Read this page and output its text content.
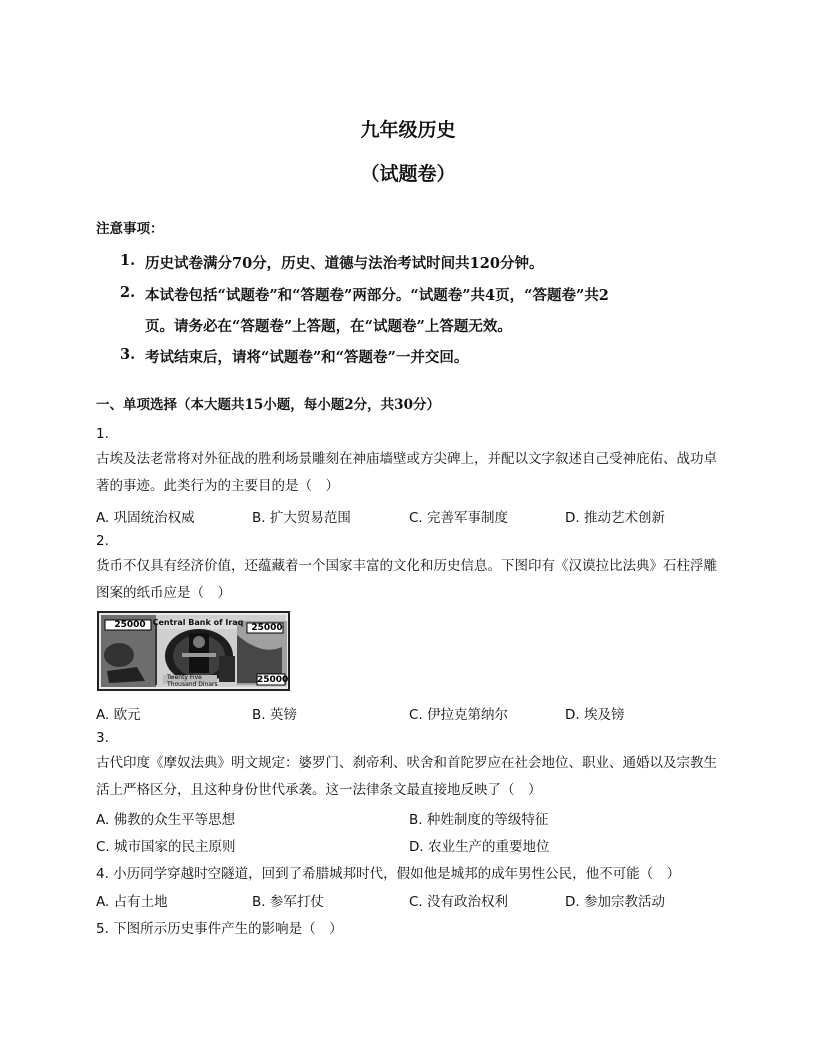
九年级历史
（试题卷）
注意事项：
1. 历史试卷满分70分，历史、道德与法治考试时间共120分钟。
2. 本试卷包括“试题卷”和“答题卷”两部分。“试题卷”共4页，“答题卷”共2
页。请务必在“答题卷”上答题，在“试题卷”上答题无效。
3. 考试结束后，请将“试题卷”和“答题卷”一并交回。
一、单项选择（本大题共15小题，每小题2分，共30分）
1.
古埃及法老常将对外征战的胜利场景雕刻在神庙墙壁或方尖碑上，并配以文字叙述自己受神庇佑、战功卓著的事迹。此类行为的主要目的是（　）
A. 巩固统治权威	B. 扩大贸易范围	C. 完善军事制度	D. 推动艺术创新
2.
货币不仅具有经济价值，还蕴藏着一个国家丰富的文化和历史信息。下图印有《汉谟拉比法典》石柱浮雕图案的纸币应是（　）
25000 Central Bank of Iraq
25000
Twenty Five Thousand Dinars	25000
A. 欧元	B. 英镑	C. 伊拉克第纳尔	D. 埃及镑
3.
古代印度《摩奴法典》明文规定：婆罗门、刹帝利、吠舍和首陀罗应在社会地位、职业、通婚以及宗教生活上严格区分，且这种身份世代承袭。这一法律条文最直接地反映了（　）
A. 佛教的众生平等思想	B. 种姓制度的等级特征
C. 城市国家的民主原则	D. 农业生产的重要地位
4. 小历同学穿越时空隧道，回到了希腊城邦时代，假如他是城邦的成年男性公民，他不可能（　）
A. 占有土地	B. 参军打仗	C. 没有政治权利	D. 参加宗教活动
5. 下图所示历史事件产生的影响是（　）
